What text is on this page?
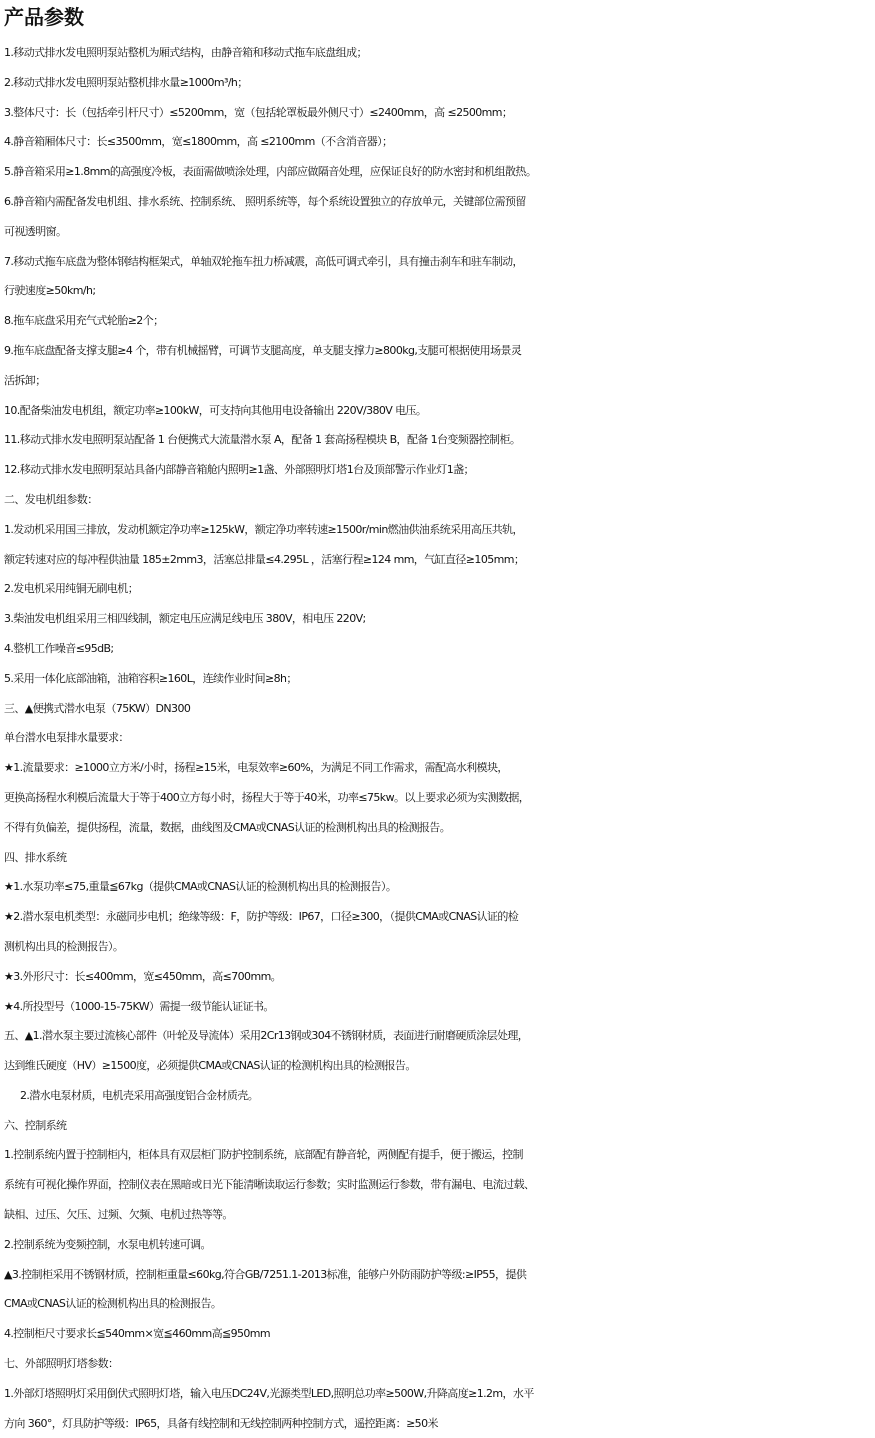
产品参数
1.移动式排水发电照明泵站整机为厢式结构，由静音箱和移动式拖车底盘组成；
2.移动式排水发电照明泵站整机排水量≥1000m³/h；
3.整体尺寸：长（包括牵引杆尺寸）≤5200mm，宽（包括轮罩板最外侧尺寸）≤2400mm，高 ≤2500mm；
4.静音箱厢体尺寸：长≤3500mm，宽≤1800mm，高 ≤2100mm（不含消音器）；
5.静音箱采用≥1.8mm的高强度冷板，表面需做喷涂处理，内部应做隔音处理，应保证良好的防水密封和机组散热。
6.静音箱内需配备发电机组、排水系统、控制系统、 照明系统等，每个系统设置独立的存放单元，关键部位需预留
可视透明窗。
7.移动式拖车底盘为整体钢结构框架式，单轴双轮拖车扭力桥减震，高低可调式牵引，具有撞击刹车和驻车制动，
行驶速度≥50km/h;
8.拖车底盘采用充气式轮胎≥2个；
9.拖车底盘配备支撑支腿≥4 个，带有机械摇臂，可调节支腿高度，单支腿支撑力≥800kg,支腿可根据使用场景灵
活拆卸；
10.配备柴油发电机组，额定功率≥100kW，可支持向其他用电设备输出 220V/380V 电压。
11.移动式排水发电照明泵站配备 1 台便携式大流量潜水泵 A，配备 1 套高扬程模块 B，配备 1台变频器控制柜。
12.移动式排水发电照明泵站具备内部静音箱舱内照明≥1盏、外部照明灯塔1台及顶部警示作业灯1盏；
二、发电机组参数：
1.发动机采用国三排放，发动机额定净功率≥125kW，额定净功率转速≥1500r/min燃油供油系统采用高压共轨，
额定转速对应的每冲程供油量 185±2mm3，活塞总排量≤4.295L ，活塞行程≥124 mm，气缸直径≥105mm；
2.发电机采用纯铜无刷电机；
3.柴油发电机组采用三相四线制，额定电压应满足线电压 380V，相电压 220V;
4.整机工作噪音≤95dB;
5.采用一体化底部油箱，油箱容积≥160L，连续作业时间≥8h；
三、▲便携式潜水电泵（75KW）DN300
单台潜水电泵排水量要求：
★1.流量要求：≥1000立方米/小时，扬程≥15米，电泵效率≥60%，为满足不同工作需求，需配高水利模块，
更换高扬程水利模后流量大于等于400立方每小时，扬程大于等于40米，功率≤75kw。以上要求必须为实测数据，
不得有负偏差，提供扬程，流量，数据，曲线图及CMA或CNAS认证的检测机构出具的检测报告。
四、排水系统
★1.水泵功率≤75,重量≦67kg（提供CMA或CNAS认证的检测机构出具的检测报告）。
★2.潜水泵电机类型：永磁同步电机；绝缘等级：F，防护等级：IP67，口径≥300，（提供CMA或CNAS认证的检
测机构出具的检测报告）。
★3.外形尺寸：长≤400mm，宽≤450mm，高≤700mm。
★4.所投型号（1000-15-75KW）需提一级节能认证证书。
五、▲1.潜水泵主要过流核心部件（叶轮及导流体）采用2Cr13钢或304不锈钢材质，表面进行耐磨硬质涂层处理，
达到维氏硬度（HV）≥1500度，必须提供CMA或CNAS认证的检测机构出具的检测报告。
2.潜水电泵材质，电机壳采用高强度铝合金材质壳。
六、控制系统
1.控制系统内置于控制柜内，柜体具有双层柜门防护控制系统，底部配有静音轮，两侧配有提手，便于搬运，控制
系统有可视化操作界面，控制仪表在黑暗或日光下能清晰读取运行参数；实时监测运行参数，带有漏电、电流过载、
缺相、过压、欠压、过频、欠频、电机过热等等。
2.控制系统为变频控制，水泵电机转速可调。
▲3.控制柜采用不锈钢材质，控制柜重量≤60kg,符合GB/7251.1-2013标准，能够户外防雨防护等级:≥IP55，提供
CMA或CNAS认证的检测机构出具的检测报告。
4.控制柜尺寸要求长≦540mm×宽≦460mm高≦950mm
七、外部照明灯塔参数：
1.外部灯塔照明灯采用倒伏式照明灯塔，输入电压DC24V,光源类型LED,照明总功率≥500W,升降高度≥1.2m，水平
方向 360°，灯具防护等级：IP65，具备有线控制和无线控制两种控制方式，遥控距离：≥50米
